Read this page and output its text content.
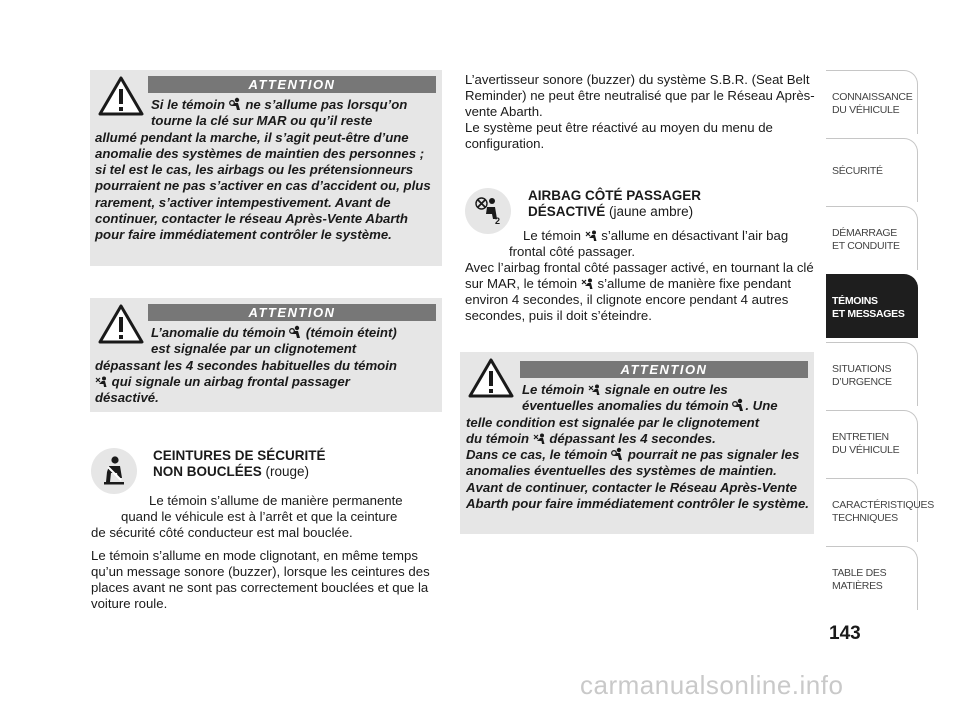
ATTENTION

Si le témoin ne s’allume pas lorsqu’on

tourne la clé sur MAR ou qu’il reste

allumé pendant la marche, il s’agit peut-être d’une anomalie des systèmes de maintien des personnes ; si tel est le cas, les airbags ou les prétensionneurs pourraient ne pas s’activer en cas d’accident ou, plus rarement, s’activer intempestivement. Avant de continuer, contacter le réseau Après-Vente Abarth pour faire immédiatement contrôler le système.

ATTENTION

L’anomalie du témoin (témoin éteint)

est signalée par un clignotement

dépassant les 4 secondes habituelles du témoin

qui signale un airbag frontal passager

désactivé.

CEINTURES DE SÉCURITÉ
NON BOUCLÉES (rouge)

Le témoin s’allume de manière permanente

quand le véhicule est à l’arrêt et que la ceinture

de sécurité côté conducteur est mal bouclée.

Le témoin s’allume en mode clignotant, en même temps qu’un message sonore (buzzer), lorsque les ceintures des places avant ne sont pas correctement bouclées et que la voiture roule.

L’avertisseur sonore (buzzer) du système S.B.R. (Seat Belt Reminder) ne peut être neutralisé que par le Réseau Après-vente Abarth.

Le système peut être réactivé au moyen du menu de configuration.

2
AIRBAG CÔTÉ PASSAGER
DÉSACTIVÉ (jaune ambre)

Le témoin s’allume en désactivant l’air bag

frontal côté passager.

Avec l’airbag frontal côté passager activé, en tournant la clé sur MAR, le témoin s’allume de manière fixe pendant environ 4 secondes, il clignote encore pendant 4 autres secondes, puis il doit s’éteindre.

ATTENTION

Le témoin signale en outre les

éventuelles anomalies du témoin . Une

telle condition est signalée par le clignotement

du témoin dépassant les 4 secondes.

Dans ce cas, le témoin pourrait ne pas signaler les anomalies éventuelles des systèmes de maintien. Avant de continuer, contacter le Réseau Après-Vente Abarth pour faire immédiatement contrôler le système.

CONNAISSANCE
DU VÉHICULE
SÉCURITÉ
DÉMARRAGE
ET CONDUITE
TÉMOINS
ET MESSAGES
SITUATIONS
D’URGENCE
ENTRETIEN
DU VÉHICULE
CARACTÉRISTIQUES
TECHNIQUES
TABLE DES
MATIÈRES
143
carmanualsonline.info
